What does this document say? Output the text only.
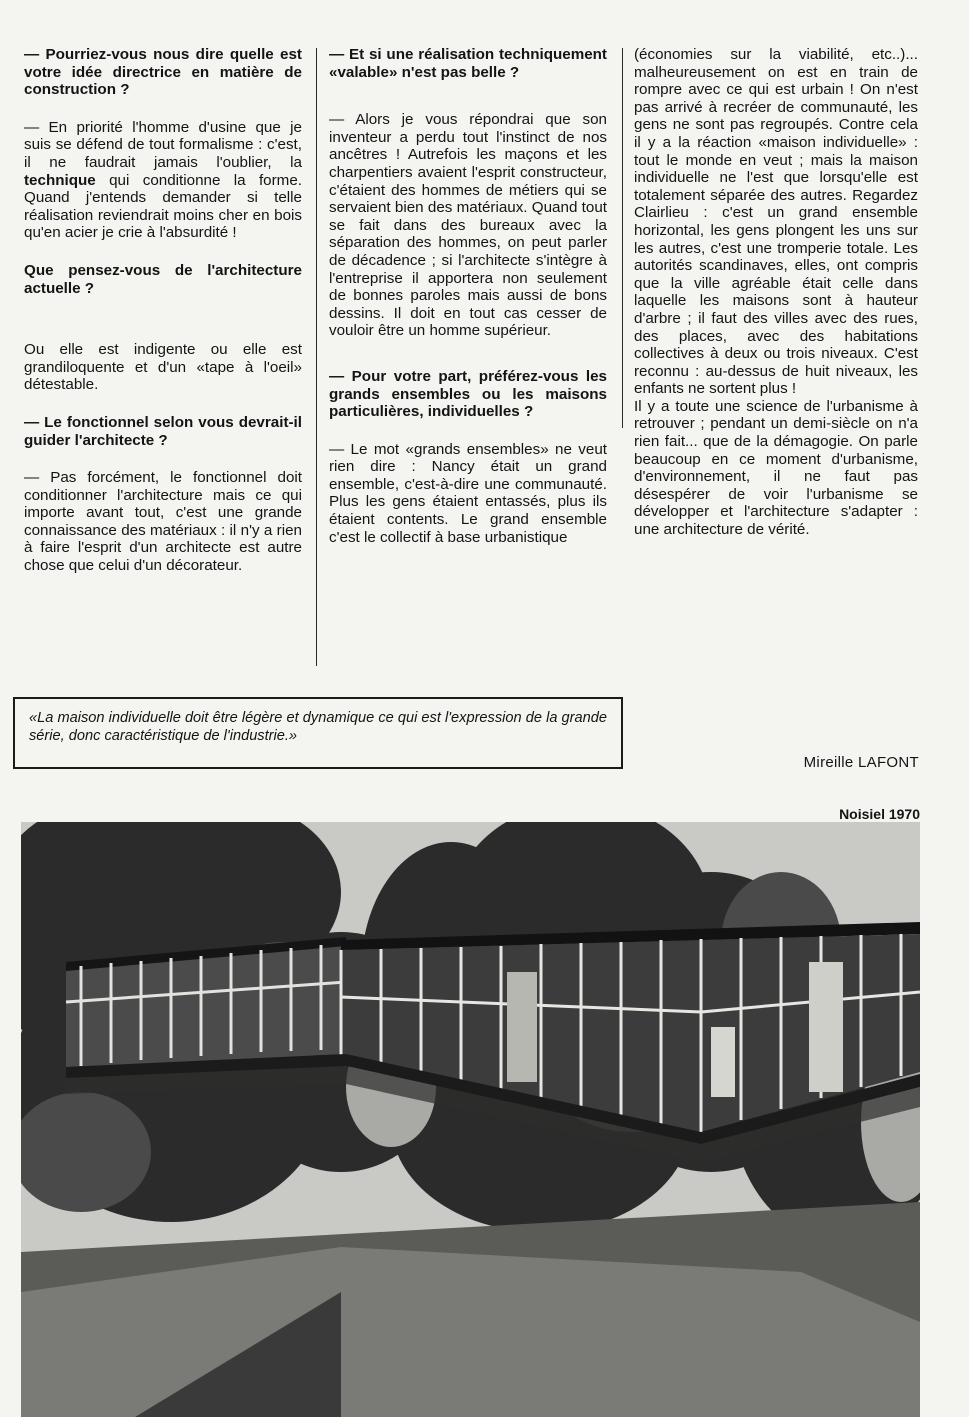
— Pourriez-vous nous dire quelle est votre idée directrice en matière de construction ?

— En priorité l'homme d'usine que je suis se défend de tout formalisme : c'est, il ne faudrait jamais l'oublier, la technique qui conditionne la forme. Quand j'entends demander si telle réalisation reviendrait moins cher en bois qu'en acier je crie à l'absurdité !

Que pensez-vous de l'architecture actuelle ?

Ou elle est indigente ou elle est grandiloquente et d'un «tape à l'oeil» détestable.

— Le fonctionnel selon vous devrait-il guider l'architecte ?

— Pas forcément, le fonctionnel doit conditionner l'architecture mais ce qui importe avant tout, c'est une grande connaissance des matériaux : il n'y a rien à faire l'esprit d'un architecte est autre chose que celui d'un décorateur.

— Et si une réalisation techniquement «valable» n'est pas belle ?

— Alors je vous répondrai que son inventeur a perdu tout l'instinct de nos ancêtres ! Autrefois les maçons et les charpentiers avaient l'esprit constructeur, c'étaient des hommes de métiers qui se servaient bien des matériaux. Quand tout se fait dans des bureaux avec la séparation des hommes, on peut parler de décadence ; si l'architecte s'intègre à l'entreprise il apportera non seulement de bonnes paroles mais aussi de bons dessins. Il doit en tout cas cesser de vouloir être un homme supérieur.

— Pour votre part, préférez-vous les grands ensembles ou les maisons particulières, individuelles ?

— Le mot «grands ensembles» ne veut rien dire : Nancy était un grand ensemble, c'est-à-dire une communauté. Plus les gens étaient entassés, plus ils étaient contents. Le grand ensemble c'est le collectif à base urbanistique

(économies sur la viabilité, etc..)... malheureusement on est en train de rompre avec ce qui est urbain ! On n'est pas arrivé à recréer de communauté, les gens ne sont pas regroupés. Contre cela il y a la réaction «maison individuelle» : tout le monde en veut ; mais la maison individuelle ne l'est que lorsqu'elle est totalement séparée des autres. Regardez Clairlieu : c'est un grand ensemble horizontal, les gens plongent les uns sur les autres, c'est une tromperie totale. Les autorités scandinaves, elles, ont compris que la ville agréable était celle dans laquelle les maisons sont à hauteur d'arbre ; il faut des villes avec des rues, des places, avec des habitations collectives à deux ou trois niveaux. C'est reconnu : au-dessus de huit niveaux, les enfants ne sortent plus !

Il y a toute une science de l'urbanisme à retrouver ; pendant un demi-siècle on n'a rien fait... que de la démagogie. On parle beaucoup en ce moment d'urbanisme, d'environnement, il ne faut pas désespérer de voir l'urbanisme se développer et l'architecture s'adapter : une architecture de vérité.

«La maison individuelle doit être légère et dynamique ce qui est l'expression de la grande série, donc caractéristique de l'industrie.»
Mireille LAFONT
Noisiel 1970
